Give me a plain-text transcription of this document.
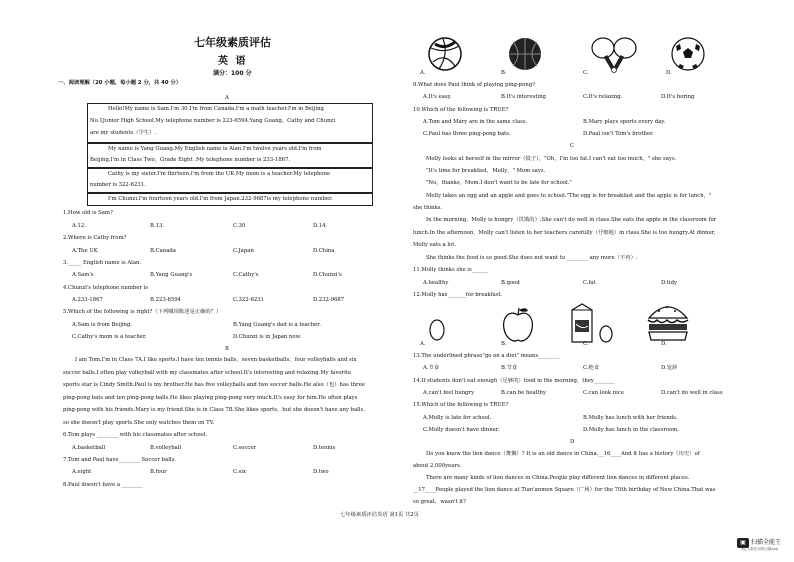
七年级素质评估
英 语
满分：100 分
一、阅读理解（20 小题，每小题 2 分，共 40 分）
A
Hello!My name is Sam.I'm 30.I'm from Canada.I'm a math teacher.I'm in Beijing
No.1Junior High School.My telephone number is 223-6594.Yang Guang，Cathy and Chunzi
are my students（学生）.
My name is Yang Guang.My English name is Alan.I'm twelve years old.I'm from
Beijing.I'm in Class Two，Grade Eight .My telephone number is 233-1867.
Cathy is my sister.I'm thirteen.I'm from the UK.My mom is a teacher.My telephone
number is 322-6231.
I'm Chunzi.I'm fourteen years old.I'm from Japan.232-9687is my telephone number.
1.How old is Sam?
A.12.	B.13.	C.30	D.14.
2.Where is Cathy from?
A.The UK	B.Canada	C.Japan	D.China
3._____ English name is Alan.
A.Sam's	B.Yang Guang's	C.Cathy's	D.Chunzi's
4.Chunzi's telephone number is
A.233-1867	B.223-6594	C.322-6231	D.232-9687
5.Which of the following is right?（下列哪项陈述是正确的？）
A.Sam is from Beijing.	B.Yang Guang's dad is a teacher.
C.Cathy's mom is a teacher.	D.Chunzi is in Japan now.
B
I am Tom.I'm in Class 7A.I like sports.I have ten tennis balls，seven basketballs，four volleyballs and six
soccer balls.I often play volleyball with my classmates after school.It's interesting and relaxing.My favorite
sports star is Cindy Smith.Paul is my brother.He has five volleyballs and two soccer balls.He also（也）has three
ping-pong bats and ten ping-pong balls.He likes playing ping-pong very much.It's easy for him.He often plays
ping-pong with his friends.Mary is my friend.She is in Class 7B.She likes sports，but she doesn't have any balls.
so she doesn't play sports.She only watches them on TV.
6.Tom plays ________ with his classmates after school.
A.basketball	B.volleyball	C.soccer	D.tennis
7.Tom and Paul have________ Soccer balls.
A.eight	B.four	C.six	D.two
8.Paul doesn't have a ________
A.	B.	C.	D.
9.What does Paul think of playing ping-pong?
A.It's easy.	B.It's interesting	C.It's relaxing.	D.It's boring
10.Which of the following is TRUE?
A.Tom and Mary are in the same class.	B.Mary plays sports every day.
C.Paul has three ping-pong bats.	D.Paul isn't Tom's brother.
C
Molly looks at herself in the mirror（镜子），"Oh，I'm too fat.I can't eat too much，" she says.
"It's time for breakfast，Molly，" Mom says.
"No，thanks，Mom.I don't want to be late for school."
Molly takes an egg and an apple and goes to school."The egg is for breakfast and the apple is for lunch，"
she thinks.
In the morning，Molly is hungry（饥饿的）.She can't do well in class.She eats the apple in the classroom for
lunch.In the afternoon，Molly can't listen to her teachers carefully（仔细地）in class.She is too hungry.At dinner,
Molly eats a lot.
She thinks the food is so good.She does not want to ________ any more（不再）.
11.Molly thinks she is______
A.healthy	B.good	C.fat	D.tidy
12.Molly has_______for breakfast.
A.	B.	C.	D.
13.The underlined phrase"go on a diet" means________
A.节食	B.节食	C.绝食	D.宠辞
14.If students don't eat enough（足够的）food in the morning，they________
A.can't feel hungry	B.can be healthy	C.can look nice	D.can't do well in class
15.Which of the following is TRUE?
A.Molly is late for school.	B.Molly has lunch with her friends.
C.Molly doesn't have dinner.	D.Molly has lunch in the classroom.
D
Do you know the lion dance（舞狮）? It is an old dance in China.__16____And it has a history（历史）of
about 2,000years.
There are many kinds of lion dances in China.People play different lion dances in different places.
__17____People played the lion dance at Tian'anmen Square（广场）for the 70th birthday of New China.That was
so great，wasn't it?
七年级素质评估英语 第1页 共2页
▣ 扫描全能王
3亿人都在用的扫描App
